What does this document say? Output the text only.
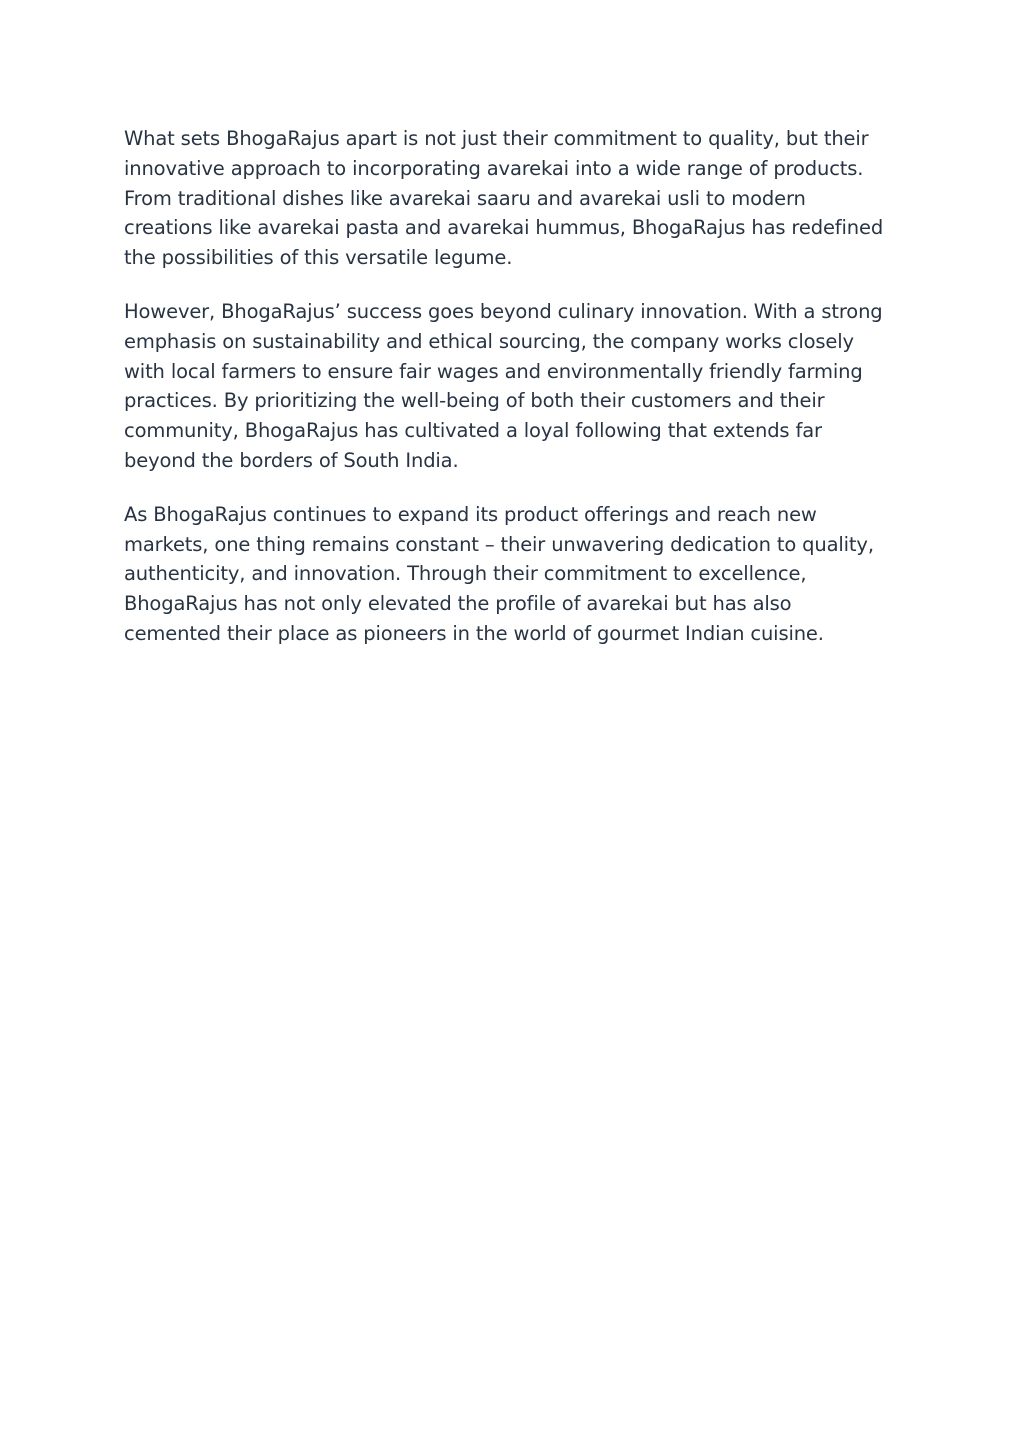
What sets BhogaRajus apart is not just their commitment to quality, but their
innovative approach to incorporating avarekai into a wide range of products.
From traditional dishes like avarekai saaru and avarekai usli to modern
creations like avarekai pasta and avarekai hummus, BhogaRajus has redefined
the possibilities of this versatile legume.

However, BhogaRajus’ success goes beyond culinary innovation. With a strong
emphasis on sustainability and ethical sourcing, the company works closely
with local farmers to ensure fair wages and environmentally friendly farming
practices. By prioritizing the well-being of both their customers and their
community, BhogaRajus has cultivated a loyal following that extends far
beyond the borders of South India.

As BhogaRajus continues to expand its product offerings and reach new
markets, one thing remains constant – their unwavering dedication to quality,
authenticity, and innovation. Through their commitment to excellence,
BhogaRajus has not only elevated the profile of avarekai but has also
cemented their place as pioneers in the world of gourmet Indian cuisine.
